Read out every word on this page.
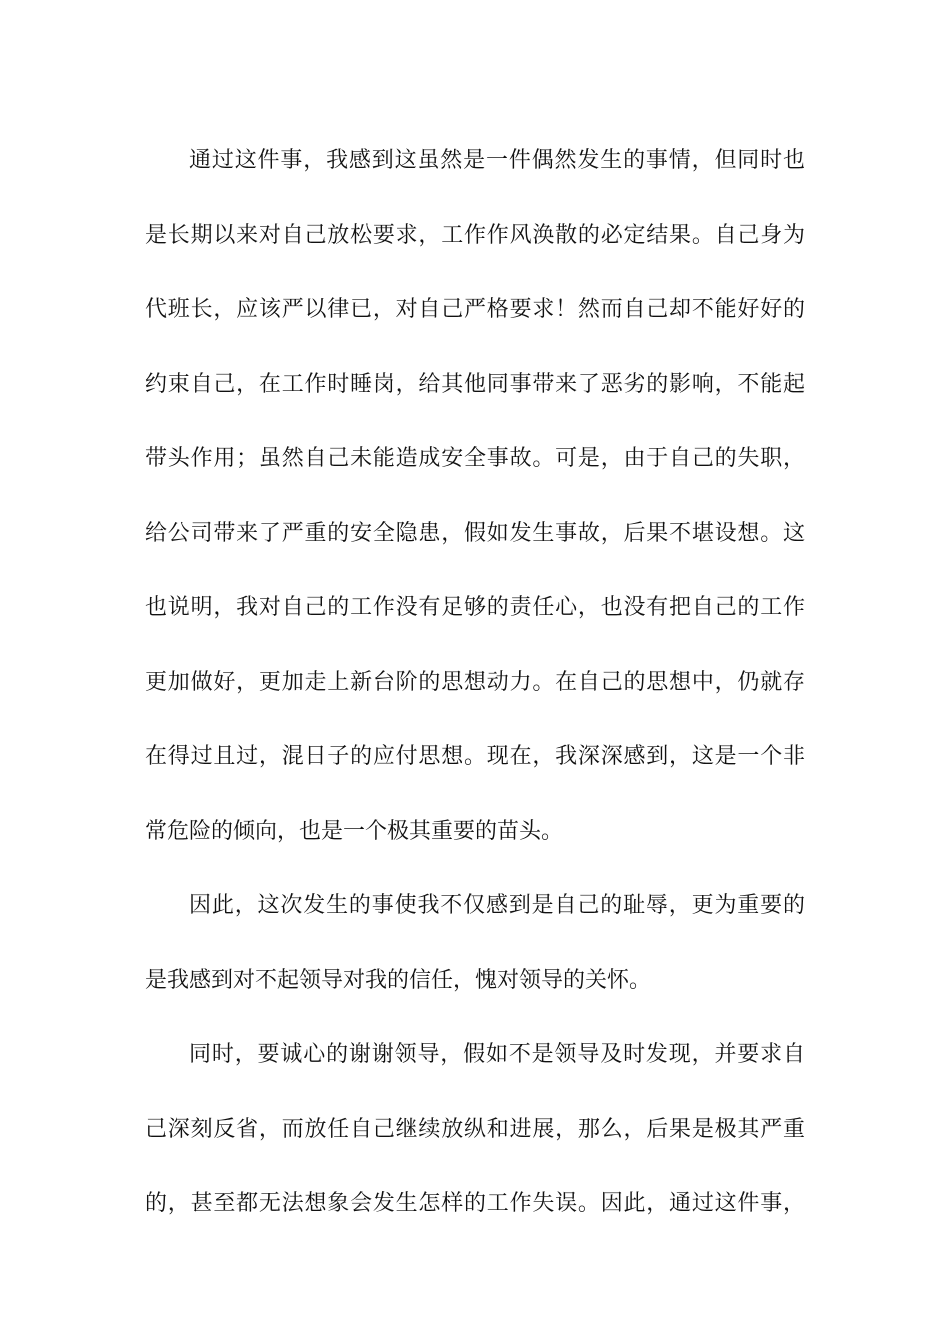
通过这件事，我感到这虽然是一件偶然发生的事情，但同时也
是长期以来对自己放松要求，工作作风涣散的必定结果。自己身为
代班长，应该严以律已，对自己严格要求！然而自己却不能好好的
约束自己，在工作时睡岗，给其他同事带来了恶劣的影响，不能起
带头作用；虽然自己未能造成安全事故。可是，由于自己的失职，
给公司带来了严重的安全隐患，假如发生事故，后果不堪设想。这
也说明，我对自己的工作没有足够的责任心，也没有把自己的工作
更加做好，更加走上新台阶的思想动力。在自己的思想中，仍就存
在得过且过，混日子的应付思想。现在，我深深感到，这是一个非
常危险的倾向，也是一个极其重要的苗头。
因此，这次发生的事使我不仅感到是自己的耻辱，更为重要的
是我感到对不起领导对我的信任，愧对领导的关怀。
同时，要诚心的谢谢领导，假如不是领导及时发现，并要求自
己深刻反省，而放任自己继续放纵和进展，那么，后果是极其严重
的，甚至都无法想象会发生怎样的工作失误。因此，通过这件事，
